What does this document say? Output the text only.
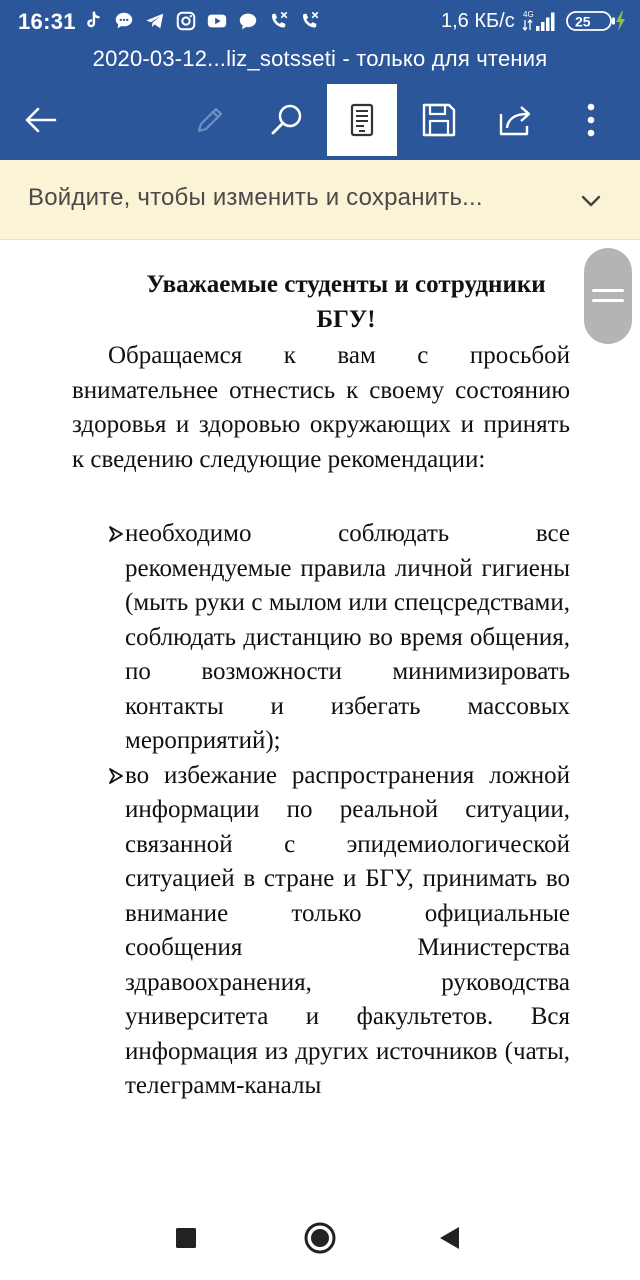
16:31	1,6 КБ/с 4G	25
2020-03-12...liz_sotsseti - только для чтения
Войдите, чтобы изменить и сохранить...

Уважаемые студенты и сотрудники БГУ!

Обращаемся к вам с просьбой внимательнее отнестись к своему состоянию здоровья и здоровью окружающих и принять к сведению следующие рекомендации:

необходимо соблюдать все рекомендуемые правила личной гигиены (мыть руки с мылом или спецсредствами, соблюдать дистанцию во время общения, по возможности минимизировать контакты и избегать массовых мероприятий);
во избежание распространения ложной информации по реальной ситуации, связанной с эпидемиологической ситуацией в стране и БГУ, принимать во внимание только официальные сообщения Министерства здравоохранения, руководства университета и факультетов. Вся информация из других источников (чаты, телеграмм-каналы
